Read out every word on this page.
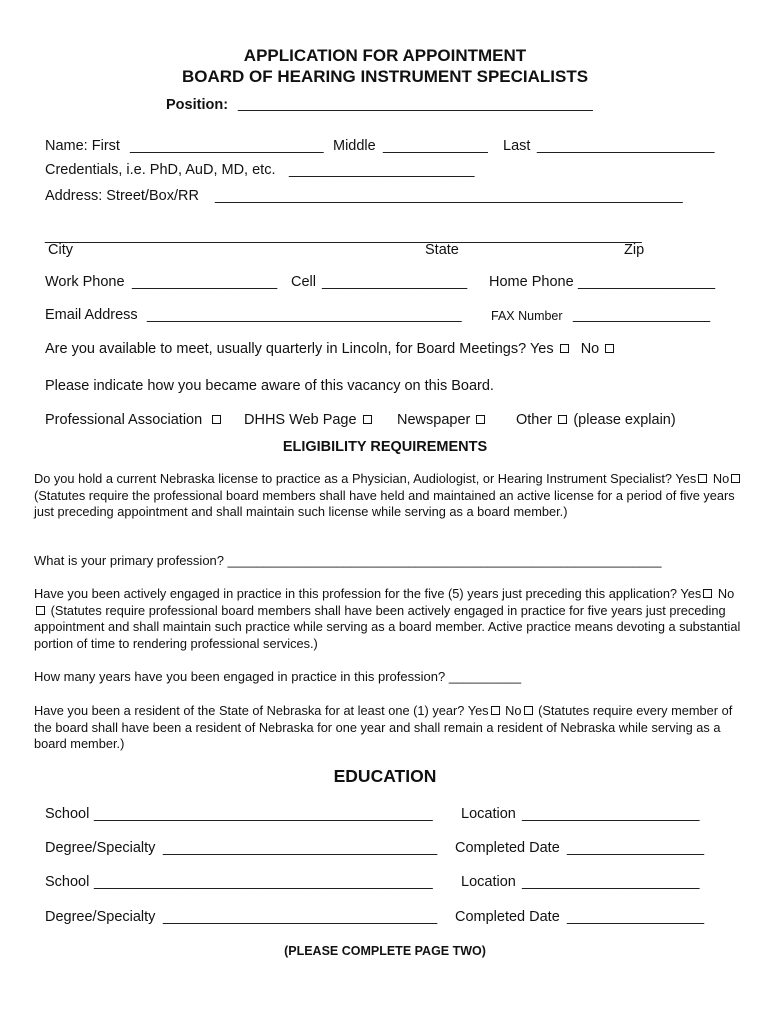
APPLICATION FOR APPOINTMENT
BOARD OF HEARING INSTRUMENT SPECIALISTS
Position: ____________________________________________
Name: First ________________________ Middle _____________ Last ______________________
Credentials, i.e. PhD, AuD, MD, etc. _______________________
Address: Street/Box/RR __________________________________________________________
__________________________________________________________________________
City	State	Zip
Work Phone __________________ Cell __________________ Home Phone _________________
Email Address _______________________________________ FAX Number _________________
Are you available to meet, usually quarterly in Lincoln, for Board Meetings? Yes No
Please indicate how you became aware of this vacancy on this Board.
Professional Association	DHHS Web Page	Newspaper	Other (please explain)
ELIGIBILITY REQUIREMENTS
Do you hold a current Nebraska license to practice as a Physician, Audiologist, or Hearing Instrument Specialist? Yes No (Statutes require the professional board members shall have held and maintained an active license for a period of five years just preceding appointment and shall maintain such license while serving as a board member.)
What is your primary profession? ____________________________________________________________
Have you been actively engaged in practice in this profession for the five (5) years just preceding this application? Yes No (Statutes require professional board members shall have been actively engaged in practice for five years just preceding appointment and shall maintain such practice while serving as a board member. Active practice means devoting a substantial portion of time to rendering professional services.)
How many years have you been engaged in practice in this profession? __________
Have you been a resident of the State of Nebraska for at least one (1) year? Yes No (Statutes require every member of the board shall have been a resident of Nebraska for one year and shall remain a resident of Nebraska while serving as a board member.)
EDUCATION
School __________________________________________ Location ______________________
Degree/Specialty __________________________________ Completed Date _________________
School __________________________________________ Location ______________________
Degree/Specialty __________________________________ Completed Date _________________
(PLEASE COMPLETE PAGE TWO)
